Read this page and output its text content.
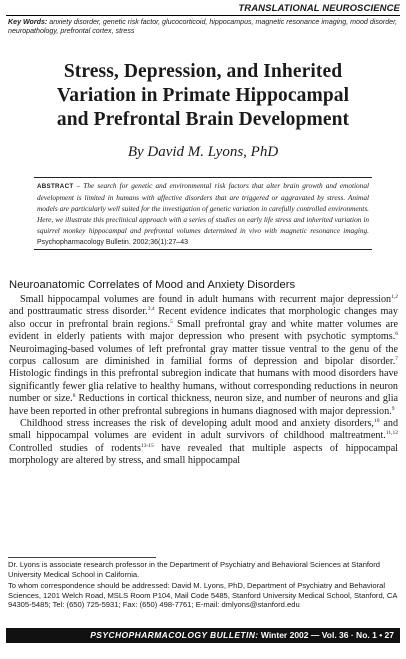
TRANSLATIONAL NEUROSCIENCE
Key Words: anxiety disorder, genetic risk factor, glucocorticoid, hippocampus, magnetic resonance imaging, mood disorder, neuropathology, prefrontal cortex, stress
Stress, Depression, and Inherited
Variation in Primate Hippocampal
and Prefrontal Brain Development
By David M. Lyons, PhD
ABSTRACT – The search for genetic and environmental risk factors that alter brain growth and emotional development is limited in humans with affective disorders that are triggered or aggravated by stress. Animal models are particularly well suited for the investigation of genetic variation in carefully controlled environments. Here, we illustrate this preclinical approach with a series of studies on early life stress and inherited variation in squirrel monkey hippocampal and prefrontal volumes determined in vivo with magnetic resonance imaging. Psychopharmacology Bulletin. 2002;36(1):27–43
Neuroanatomic Correlates of Mood and Anxiety Disorders

Small hippocampal volumes are found in adult humans with recurrent major depression$^{1,2}$ and posttraumatic stress disorder.$^{3,4}$ Recent evidence indicates that morphologic changes may also occur in prefrontal brain regions.$^5$ Small prefrontal gray and white matter volumes are evident in elderly patients with major depression who present with psychotic symptoms.$^6$ Neuroimaging-based volumes of left prefrontal gray matter tissue ventral to the genu of the corpus callosum are diminished in familial forms of depression and bipolar disorder.$^7$ Histologic findings in this prefrontal subregion indicate that humans with mood disorders have significantly fewer glia relative to healthy humans, without corresponding reductions in neuron number or size.$^8$ Reductions in cortical thickness, neuron size, and number of neurons and glia have been reported in other prefrontal subregions in humans diagnosed with major depression.$^9$

Childhood stress increases the risk of developing adult mood and anxiety disorders,$^{10}$ and small hippocampal volumes are evident in adult survivors of childhood maltreatment.$^{11,12}$ Controlled studies of rodents$^{13-15}$ have revealed that multiple aspects of hippocampal morphology are altered by stress, and small hippocampal

Dr. Lyons is associate research professor in the Department of Psychiatry and Behavioral Sciences at Stanford University Medical School in California.

To whom correspondence should be addressed: David M. Lyons, PhD, Department of Psychiatry and Behavioral Sciences, 1201 Welch Road, MSLS Room P104, Mail Code 5485, Stanford University Medical School, Stanford, CA 94305-5485; Tel: (650) 725-5931; Fax: (650) 498-7761; E-mail: dmlyons@stanford.edu

PSYCHOPHARMACOLOGY BULLETIN: Winter 2002 — Vol. 36 · No. 1 • 27
